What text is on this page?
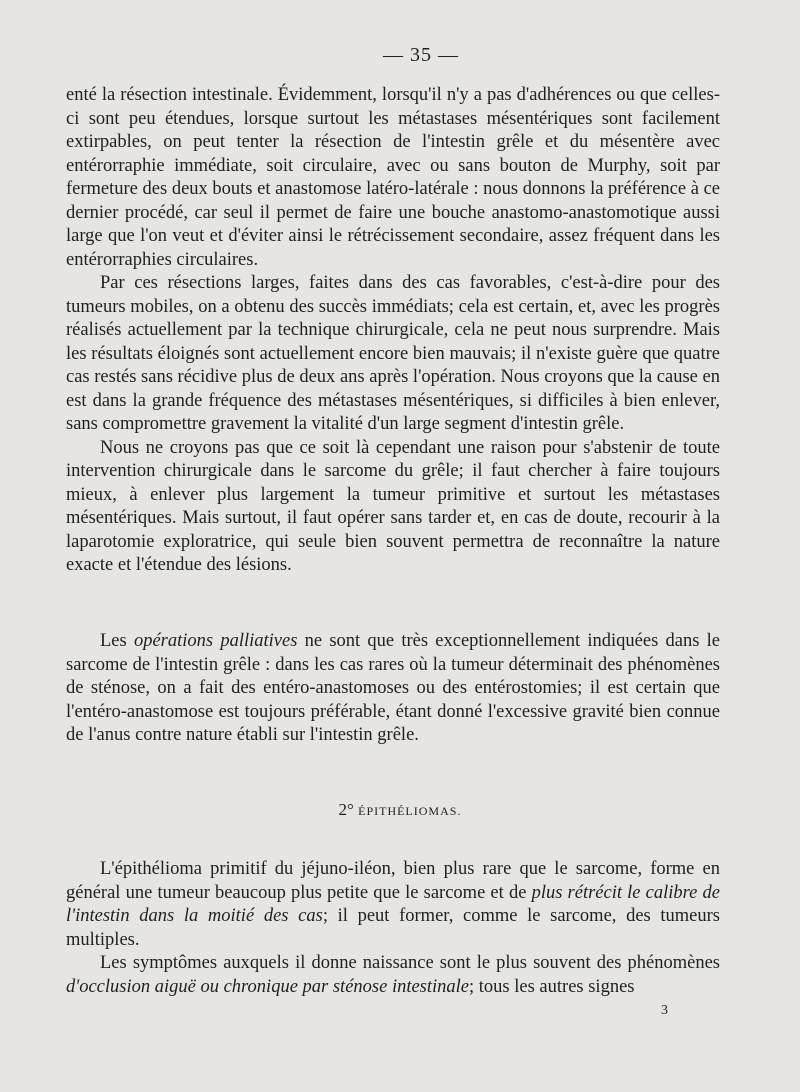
— 35 —

enté la résection intestinale. Évidemment, lorsqu'il n'y a pas d'adhérences ou que celles-ci sont peu étendues, lorsque surtout les métastases mésentériques sont facilement extirpables, on peut tenter la résection de l'intestin grêle et du mésentère avec entérorraphie immédiate, soit circulaire, avec ou sans bouton de Murphy, soit par fermeture des deux bouts et anastomose latéro-latérale : nous donnons la préférence à ce dernier procédé, car seul il permet de faire une bouche anastomo-anastomotique aussi large que l'on veut et d'éviter ainsi le rétrécissement secondaire, assez fréquent dans les entérorraphies circulaires.

Par ces résections larges, faites dans des cas favorables, c'est-à-dire pour des tumeurs mobiles, on a obtenu des succès immédiats; cela est certain, et, avec les progrès réalisés actuellement par la technique chirurgicale, cela ne peut nous surprendre. Mais les résultats éloignés sont actuellement encore bien mauvais; il n'existe guère que quatre cas restés sans récidive plus de deux ans après l'opération. Nous croyons que la cause en est dans la grande fréquence des métastases mésentériques, si difficiles à bien enlever, sans compromettre gravement la vitalité d'un large segment d'intestin grêle.

Nous ne croyons pas que ce soit là cependant une raison pour s'abstenir de toute intervention chirurgicale dans le sarcome du grêle; il faut chercher à faire toujours mieux, à enlever plus largement la tumeur primitive et surtout les métastases mésentériques. Mais surtout, il faut opérer sans tarder et, en cas de doute, recourir à la laparotomie exploratrice, qui seule bien souvent permettra de reconnaître la nature exacte et l'étendue des lésions.

Les opérations palliatives ne sont que très exceptionnellement indiquées dans le sarcome de l'intestin grêle : dans les cas rares où la tumeur déterminait des phénomènes de sténose, on a fait des entéro-anastomoses ou des entérostomies; il est certain que l'entéro-anastomose est toujours préférable, étant donné l'excessive gravité bien connue de l'anus contre nature établi sur l'intestin grêle.

2° ÉPITHÉLIOMAS.

L'épithélioma primitif du jéjuno-iléon, bien plus rare que le sarcome, forme en général une tumeur beaucoup plus petite que le sarcome et de plus rétrécit le calibre de l'intestin dans la moitié des cas; il peut former, comme le sarcome, des tumeurs multiples.

Les symptômes auxquels il donne naissance sont le plus souvent des phénomènes d'occlusion aiguë ou chronique par sténose intestinale; tous les autres signes

3
